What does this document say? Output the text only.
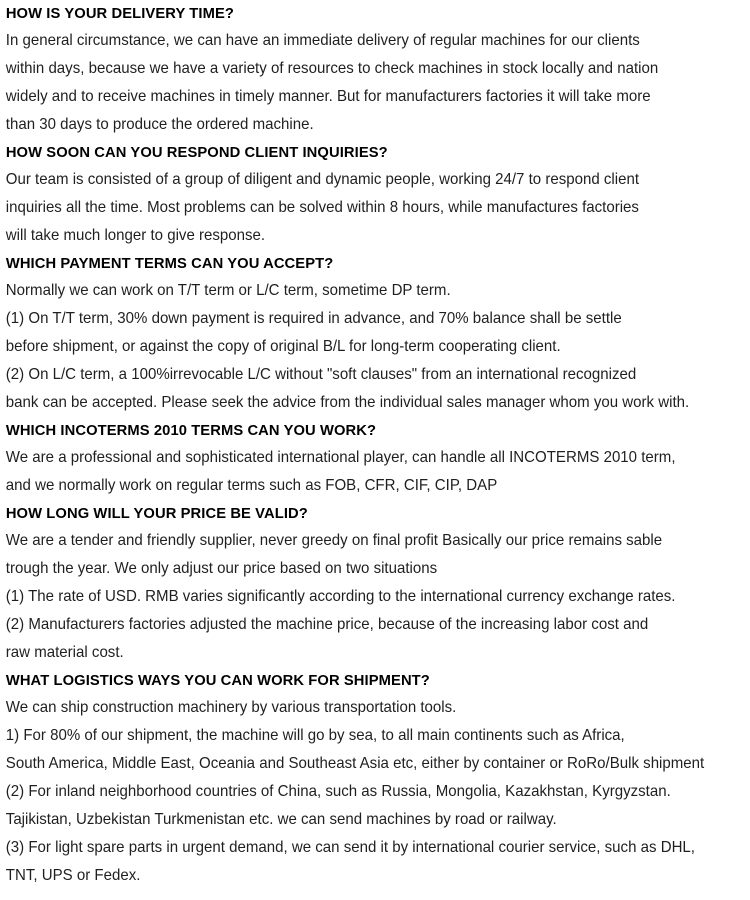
HOW IS YOUR DELIVERY TIME?
In general circumstance, we can have an immediate delivery of regular machines for our clients
within days, because we have a variety of resources to check machines in stock locally and nation
widely and to receive machines in timely manner. But for manufacturers factories it will take more
than 30 days to produce the ordered machine.
HOW SOON CAN YOU RESPOND CLIENT INQUIRIES?
Our team is consisted of a group of diligent and dynamic people, working 24/7 to respond client
inquiries all the time. Most problems can be solved within 8 hours, while manufactures factories
will take much longer to give response.
WHICH PAYMENT TERMS CAN YOU ACCEPT?
Normally we can work on T/T term or L/C term, sometime DP term.
(1) On T/T term, 30% down payment is required in advance, and 70% balance shall be settle
before shipment, or against the copy of original B/L for long-term cooperating client.
(2) On L/C term, a 100%irrevocable L/C without "soft clauses" from an international recognized
bank can be accepted. Please seek the advice from the individual sales manager whom you work with.
WHICH INCOTERMS 2010 TERMS CAN YOU WORK?
We are a professional and sophisticated international player, can handle all INCOTERMS 2010 term,
and we normally work on regular terms such as FOB, CFR, CIF, CIP, DAP
HOW LONG WILL YOUR PRICE BE VALID?
We are a tender and friendly supplier, never greedy on final profit Basically our price remains sable
trough the year. We only adjust our price based on two situations
(1) The rate of USD. RMB varies significantly according to the international currency exchange rates.
(2) Manufacturers factories adjusted the machine price, because of the increasing labor cost and
raw material cost.
WHAT LOGISTICS WAYS YOU CAN WORK FOR SHIPMENT?
We can ship construction machinery by various transportation tools.
1) For 80% of our shipment, the machine will go by sea, to all main continents such as Africa,
South America, Middle East, Oceania and Southeast Asia etc, either by container or RoRo/Bulk shipment
(2) For inland neighborhood countries of China, such as Russia, Mongolia, Kazakhstan, Kyrgyzstan.
Tajikistan, Uzbekistan Turkmenistan etc. we can send machines by road or railway.
(3) For light spare parts in urgent demand, we can send it by international courier service, such as DHL,
TNT, UPS or Fedex.
